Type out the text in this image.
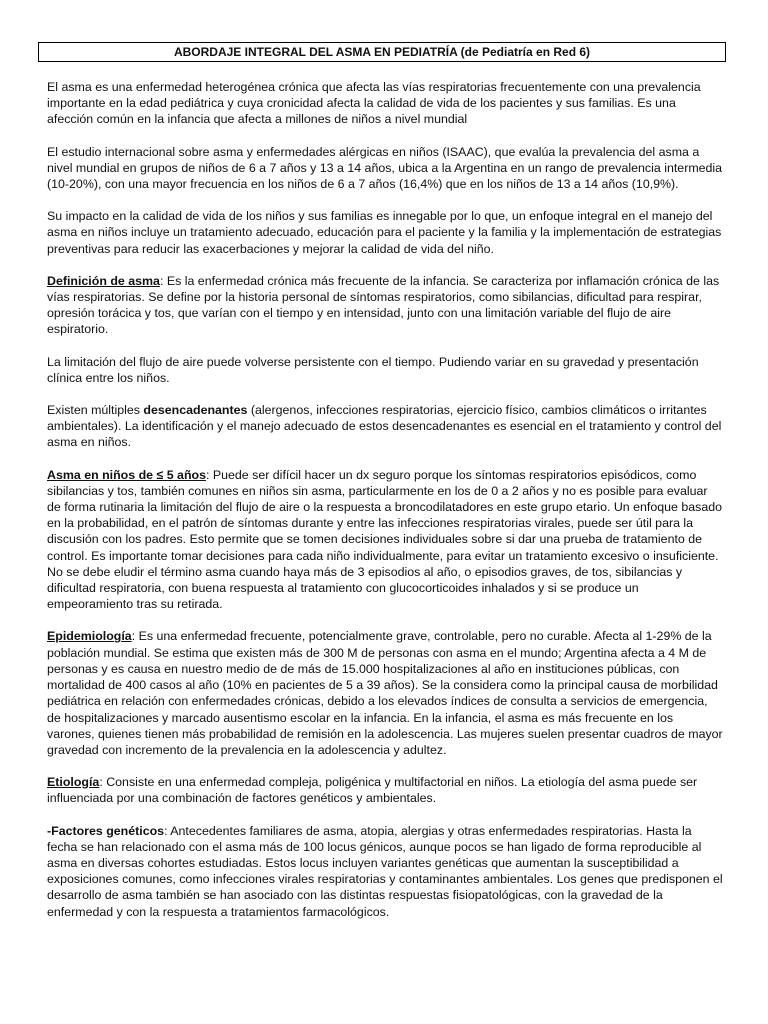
ABORDAJE INTEGRAL DEL ASMA EN PEDIATRÍA (de Pediatría en Red 6)

El asma es una enfermedad heterogénea crónica que afecta las vías respiratorias frecuentemente con una prevalencia importante en la edad pediátrica y cuya cronicidad afecta la calidad de vida de los pacientes y sus familias. Es una afección común en la infancia que afecta a millones de niños a nivel mundial

El estudio internacional sobre asma y enfermedades alérgicas en niños (ISAAC), que evalúa la prevalencia del asma a nivel mundial en grupos de niños de 6 a 7 años y 13 a 14 años, ubica a la Argentina en un rango de prevalencia intermedia (10-20%), con una mayor frecuencia en los niños de 6 a 7 años (16,4%) que en los niños de 13 a 14 años (10,9%).

Su impacto en la calidad de vida de los niños y sus familias es innegable por lo que, un enfoque integral en el manejo del asma en niños incluye un tratamiento adecuado, educación para el paciente y la familia y la implementación de estrategias preventivas para reducir las exacerbaciones y mejorar la calidad de vida del niño.

Definición de asma: Es la enfermedad crónica más frecuente de la infancia. Se caracteriza por inflamación crónica de las vías respiratorias. Se define por la historia personal de síntomas respiratorios, como sibilancias, dificultad para respirar, opresión torácica y tos, que varían con el tiempo y en intensidad, junto con una limitación variable del flujo de aire espiratorio.

La limitación del flujo de aire puede volverse persistente con el tiempo. Pudiendo variar en su gravedad y presentación clínica entre los niños.

Existen múltiples desencadenantes (alergenos, infecciones respiratorias, ejercicio físico, cambios climáticos o irritantes ambientales). La identificación y el manejo adecuado de estos desencadenantes es esencial en el tratamiento y control del asma en niños.

Asma en niños de ≤ 5 años: Puede ser difícil hacer un dx seguro porque los síntomas respiratorios episódicos, como sibilancias y tos, también comunes en niños sin asma, particularmente en los de 0 a 2 años y no es posible para evaluar de forma rutinaria la limitación del flujo de aire o la respuesta a broncodilatadores en este grupo etario. Un enfoque basado en la probabilidad, en el patrón de síntomas durante y entre las infecciones respiratorias virales, puede ser útil para la discusión con los padres. Esto permite que se tomen decisiones individuales sobre si dar una prueba de tratamiento de control. Es importante tomar decisiones para cada niño individualmente, para evitar un tratamiento excesivo o insuficiente. No se debe eludir el término asma cuando haya más de 3 episodios al año, o episodios graves, de tos, sibilancias y dificultad respiratoria, con buena respuesta al tratamiento con glucocorticoides inhalados y si se produce un empeoramiento tras su retirada.

Epidemiología: Es una enfermedad frecuente, potencialmente grave, controlable, pero no curable. Afecta al 1-29% de la población mundial. Se estima que existen más de 300 M de personas con asma en el mundo; Argentina afecta a 4 M de personas y es causa en nuestro medio de de más de 15.000 hospitalizaciones al año en instituciones públicas, con mortalidad de 400 casos al año (10% en pacientes de 5 a 39 años). Se la considera como la principal causa de morbilidad pediátrica en relación con enfermedades crónicas, debido a los elevados índices de consulta a servicios de emergencia, de hospitalizaciones y marcado ausentismo escolar en la infancia. En la infancia, el asma es más frecuente en los varones, quienes tienen más probabilidad de remisión en la adolescencia. Las mujeres suelen presentar cuadros de mayor gravedad con incremento de la prevalencia en la adolescencia y adultez.

Etiología: Consiste en una enfermedad compleja, poligénica y multifactorial en niños. La etiología del asma puede ser influenciada por una combinación de factores genéticos y ambientales.

-Factores genéticos: Antecedentes familiares de asma, atopia, alergias y otras enfermedades respiratorias. Hasta la fecha se han relacionado con el asma más de 100 locus génicos, aunque pocos se han ligado de forma reproducible al asma en diversas cohortes estudiadas. Estos locus incluyen variantes genéticas que aumentan la susceptibilidad a exposiciones comunes, como infecciones virales respiratorias y contaminantes ambientales. Los genes que predisponen el desarrollo de asma también se han asociado con las distintas respuestas fisiopatológicas, con la gravedad de la enfermedad y con la respuesta a tratamientos farmacológicos.
